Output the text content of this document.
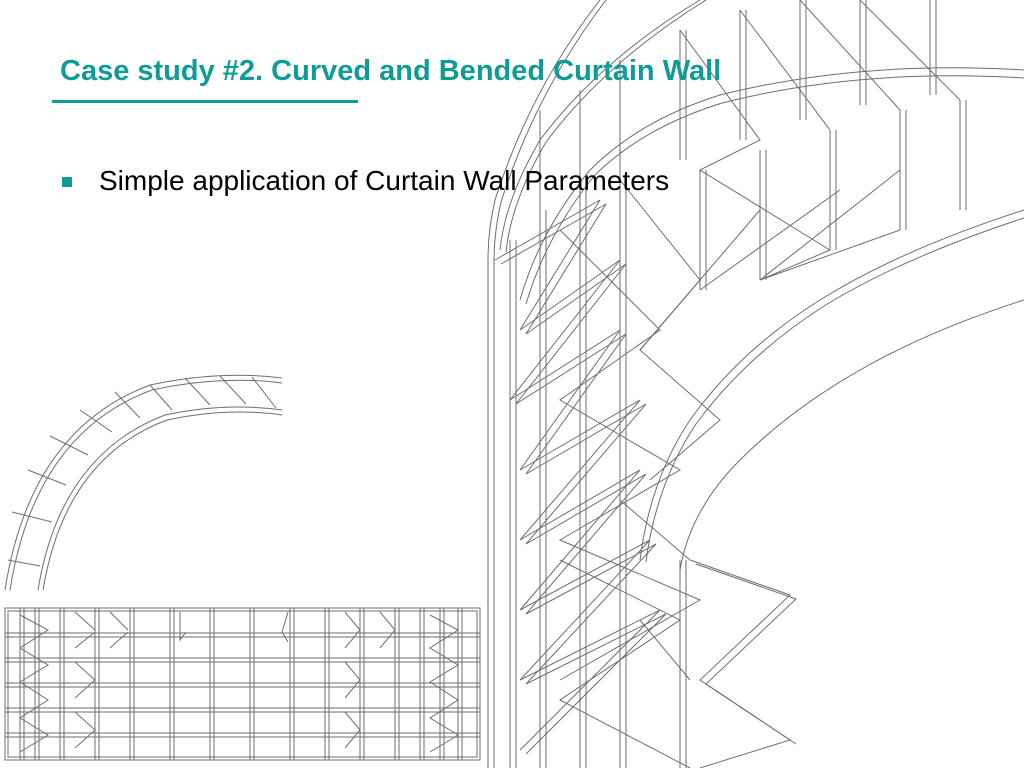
Case study #2. Curved and Bended Curtain Wall
Simple application of Curtain Wall Parameters
